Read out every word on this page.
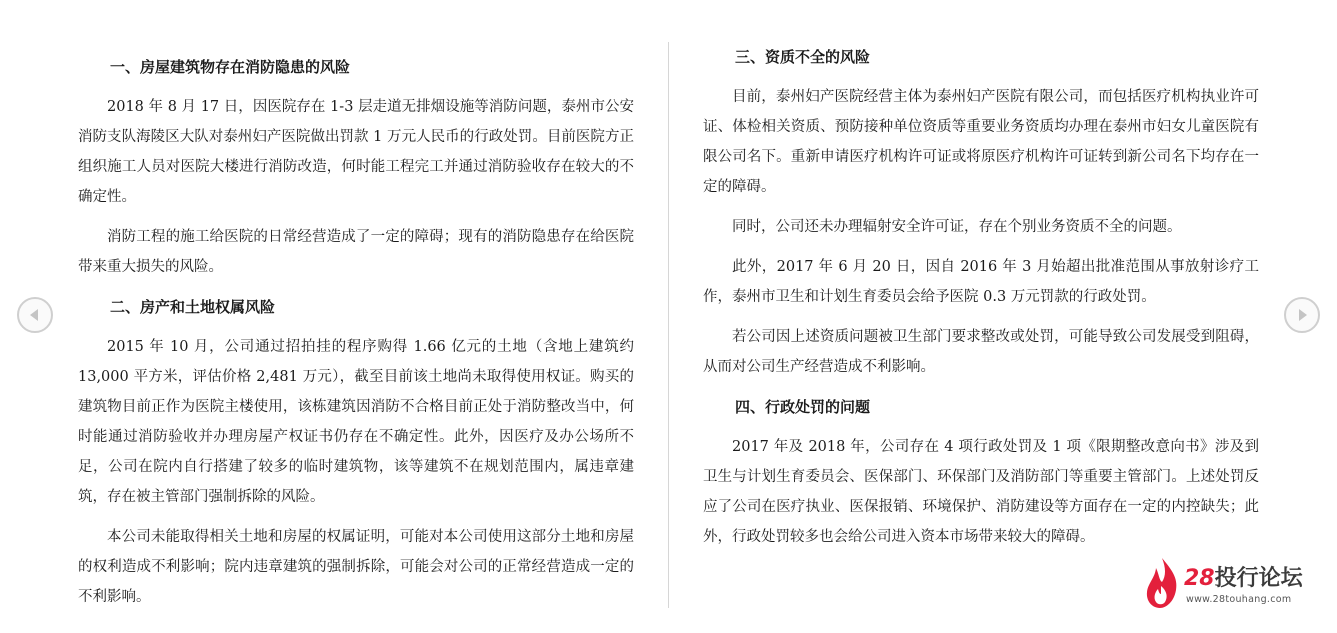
一、房屋建筑物存在消防隐患的风险

2018 年 8 月 17 日，因医院存在 1-3 层走道无排烟设施等消防问题，泰州市公安消防支队海陵区大队对泰州妇产医院做出罚款 1 万元人民币的行政处罚。目前医院方正组织施工人员对医院大楼进行消防改造，何时能工程完工并通过消防验收存在较大的不确定性。

消防工程的施工给医院的日常经营造成了一定的障碍；现有的消防隐患存在给医院带来重大损失的风险。

二、房产和土地权属风险

2015 年 10 月，公司通过招拍挂的程序购得 1.66 亿元的土地（含地上建筑约 13,000 平方米，评估价格 2,481 万元），截至目前该土地尚未取得使用权证。购买的建筑物目前正作为医院主楼使用，该栋建筑因消防不合格目前正处于消防整改当中，何时能通过消防验收并办理房屋产权证书仍存在不确定性。此外，因医疗及办公场所不足，公司在院内自行搭建了较多的临时建筑物，该等建筑不在规划范围内，属违章建筑，存在被主管部门强制拆除的风险。

本公司未能取得相关土地和房屋的权属证明，可能对本公司使用这部分土地和房屋的权利造成不利影响；院内违章建筑的强制拆除，可能会对公司的正常经营造成一定的不利影响。

三、资质不全的风险

目前，泰州妇产医院经营主体为泰州妇产医院有限公司，而包括医疗机构执业许可证、体检相关资质、预防接种单位资质等重要业务资质均办理在泰州市妇女儿童医院有限公司名下。重新申请医疗机构许可证或将原医疗机构许可证转到新公司名下均存在一定的障碍。

同时，公司还未办理辐射安全许可证，存在个别业务资质不全的问题。

此外，2017 年 6 月 20 日，因自 2016 年 3 月始超出批准范围从事放射诊疗工作，泰州市卫生和计划生育委员会给予医院 0.3 万元罚款的行政处罚。

若公司因上述资质问题被卫生部门要求整改或处罚，可能导致公司发展受到阻碍，从而对公司生产经营造成不利影响。

四、行政处罚的问题

2017 年及 2018 年，公司存在 4 项行政处罚及 1 项《限期整改意向书》涉及到卫生与计划生育委员会、医保部门、环保部门及消防部门等重要主管部门。上述处罚反应了公司在医疗执业、医保报销、环境保护、消防建设等方面存在一定的内控缺失；此外，行政处罚较多也会给公司进入资本市场带来较大的障碍。

28投行论坛

www.28touhang.com
